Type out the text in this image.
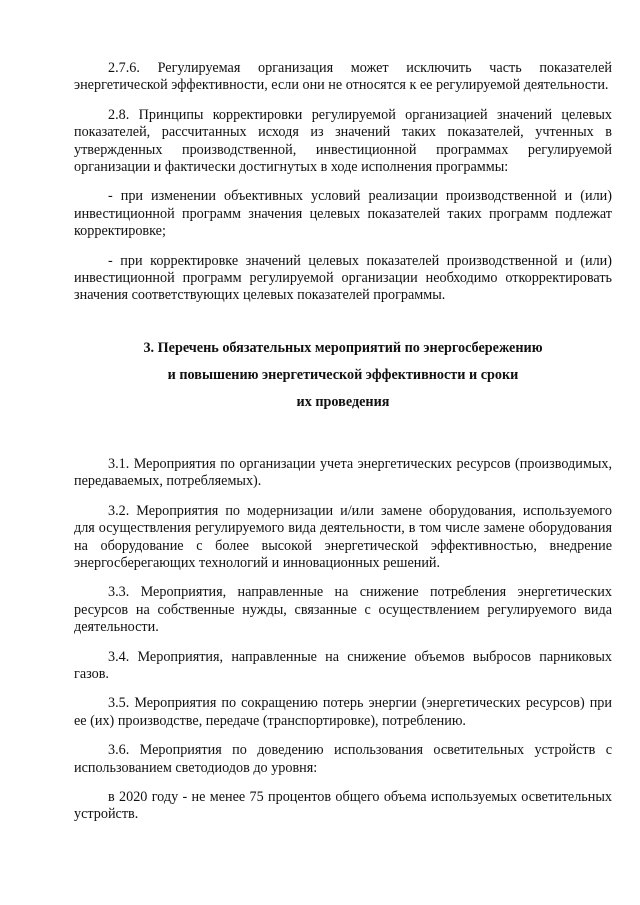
2.7.6. Регулируемая организация может исключить часть показателей энергетической эффективности, если они не относятся к ее регулируемой деятельности.

2.8. Принципы корректировки регулируемой организацией значений целевых показателей, рассчитанных исходя из значений таких показателей, учтенных в утвержденных производственной, инвестиционной программах регулируемой организации и фактически достигнутых в ходе исполнения программы:

- при изменении объективных условий реализации производственной и (или) инвестиционной программ значения целевых показателей таких программ подлежат корректировке;

- при корректировке значений целевых показателей производственной и (или) инвестиционной программ регулируемой организации необходимо откорректировать значения соответствующих целевых показателей программы.

3. Перечень обязательных мероприятий по энергосбережению

и повышению энергетической эффективности и сроки

их проведения

3.1. Мероприятия по организации учета энергетических ресурсов (производимых, передаваемых, потребляемых).

3.2. Мероприятия по модернизации и/или замене оборудования, используемого для осуществления регулируемого вида деятельности, в том числе замене оборудования на оборудование с более высокой энергетической эффективностью, внедрение энергосберегающих технологий и инновационных решений.

3.3. Мероприятия, направленные на снижение потребления энергетических ресурсов на собственные нужды, связанные с осуществлением регулируемого вида деятельности.

3.4. Мероприятия, направленные на снижение объемов выбросов парниковых газов.

3.5. Мероприятия по сокращению потерь энергии (энергетических ресурсов) при ее (их) производстве, передаче (транспортировке), потреблению.

3.6. Мероприятия по доведению использования осветительных устройств с использованием светодиодов до уровня:

в 2020 году - не менее 75 процентов общего объема используемых осветительных устройств.
